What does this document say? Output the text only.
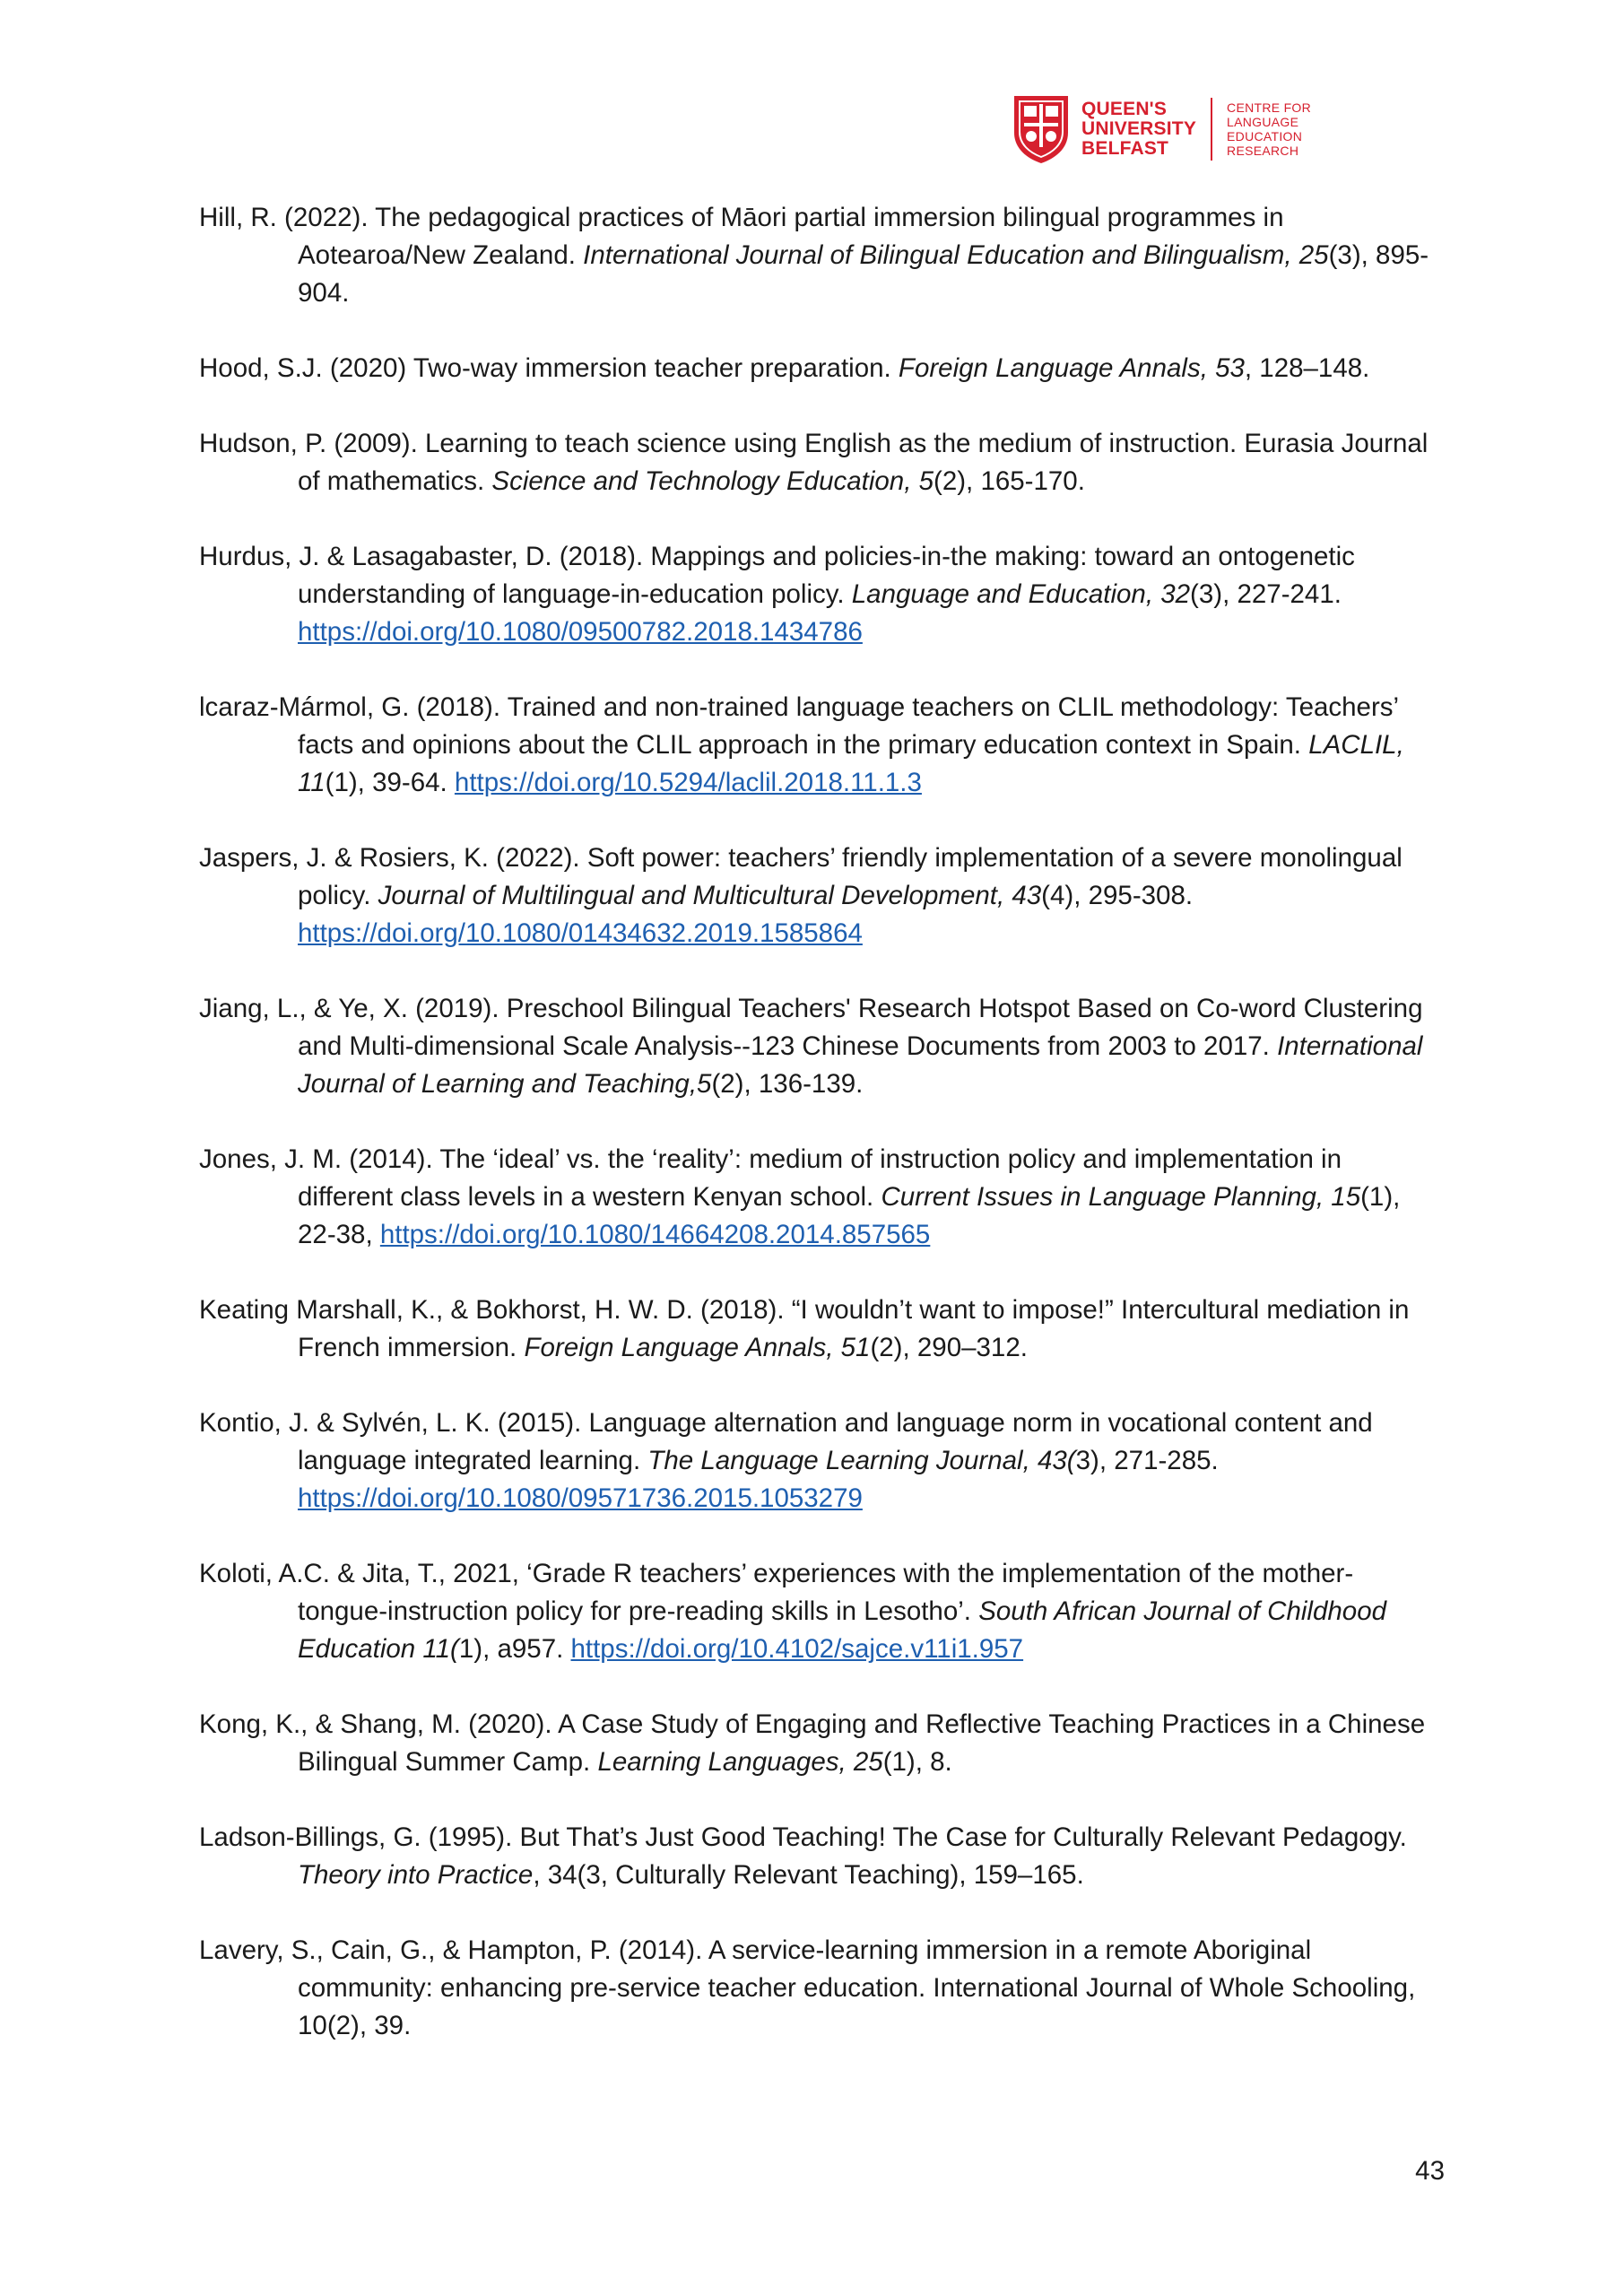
QUEEN'S
UNIVERSITY
BELFAST
CENTRE FOR
LANGUAGE
EDUCATION
RESEARCH

Hill, R. (2022). The pedagogical practices of Māori partial immersion bilingual programmes in Aotearoa/New Zealand. International Journal of Bilingual Education and Bilingualism, 25(3), 895-904.

Hood, S.J. (2020) Two-way immersion teacher preparation. Foreign Language Annals, 53, 128–148.

Hudson, P. (2009). Learning to teach science using English as the medium of instruction. Eurasia Journal of mathematics. Science and Technology Education, 5(2), 165-170.

Hurdus, J. & Lasagabaster, D. (2018). Mappings and policies-in-the making: toward an ontogenetic understanding of language-in-education policy. Language and Education, 32(3), 227-241. https://doi.org/10.1080/09500782.2018.1434786

lcaraz-Mármol, G. (2018). Trained and non-trained language teachers on CLIL methodology: Teachers’ facts and opinions about the CLIL approach in the primary education context in Spain. LACLIL, 11(1), 39-64. https://doi.org/10.5294/laclil.2018.11.1.3

Jaspers, J. & Rosiers, K. (2022). Soft power: teachers’ friendly implementation of a severe monolingual policy. Journal of Multilingual and Multicultural Development, 43(4), 295-308. https://doi.org/10.1080/01434632.2019.1585864

Jiang, L., & Ye, X. (2019). Preschool Bilingual Teachers' Research Hotspot Based on Co-word Clustering and Multi-dimensional Scale Analysis--123 Chinese Documents from 2003 to 2017. International Journal of Learning and Teaching,5(2), 136-139.

Jones, J. M. (2014). The ‘ideal’ vs. the ‘reality’: medium of instruction policy and implementation in different class levels in a western Kenyan school. Current Issues in Language Planning, 15(1), 22-38, https://doi.org/10.1080/14664208.2014.857565

Keating Marshall, K., & Bokhorst, H. W. D. (2018). “I wouldn’t want to impose!” Intercultural mediation in French immersion. Foreign Language Annals, 51(2), 290–312.

Kontio, J. & Sylvén, L. K. (2015). Language alternation and language norm in vocational content and language integrated learning. The Language Learning Journal, 43(3), 271-285. https://doi.org/10.1080/09571736.2015.1053279

Koloti, A.C. & Jita, T., 2021, ‘Grade R teachers’ experiences with the implementation of the mother-tongue-instruction policy for pre-reading skills in Lesotho’. South African Journal of Childhood Education 11(1), a957. https://doi.org/10.4102/sajce.v11i1.957

Kong, K., & Shang, M. (2020). A Case Study of Engaging and Reflective Teaching Practices in a Chinese Bilingual Summer Camp. Learning Languages, 25(1), 8.

Ladson-Billings, G. (1995). But That’s Just Good Teaching! The Case for Culturally Relevant Pedagogy. Theory into Practice, 34(3, Culturally Relevant Teaching), 159–165.

Lavery, S., Cain, G., & Hampton, P. (2014). A service-learning immersion in a remote Aboriginal community: enhancing pre-service teacher education. International Journal of Whole Schooling, 10(2), 39.

43
